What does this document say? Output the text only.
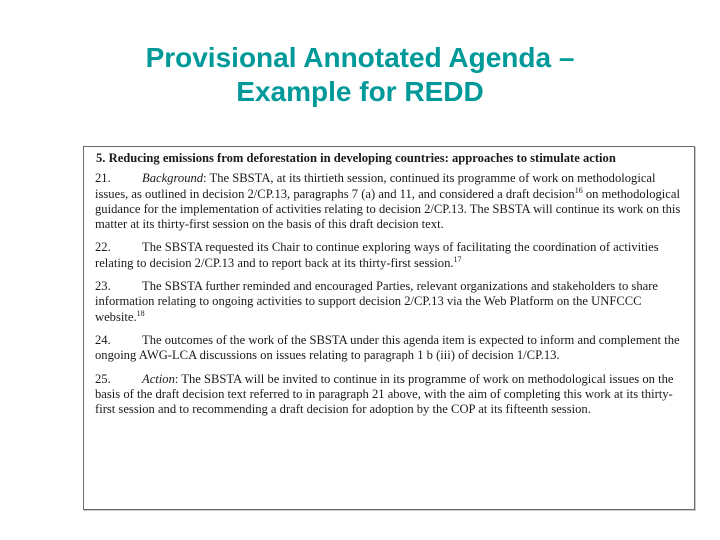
Provisional Annotated Agenda –
Example for REDD
5. Reducing emissions from deforestation in developing countries: approaches to stimulate action

21. Background: The SBSTA, at its thirtieth session, continued its programme of work on methodological issues, as outlined in decision 2/CP.13, paragraphs 7 (a) and 11, and considered a draft decision$^{16}$ on methodological guidance for the implementation of activities relating to decision 2/CP.13. The SBSTA will continue its work on this matter at its thirty-first session on the basis of this draft decision text.

22. The SBSTA requested its Chair to continue exploring ways of facilitating the coordination of activities relating to decision 2/CP.13 and to report back at its thirty-first session.$^{17}$

23. The SBSTA further reminded and encouraged Parties, relevant organizations and stakeholders to share information relating to ongoing activities to support decision 2/CP.13 via the Web Platform on the UNFCCC website.$^{18}$

24. The outcomes of the work of the SBSTA under this agenda item is expected to inform and complement the ongoing AWG-LCA discussions on issues relating to paragraph 1 b (iii) of decision 1/CP.13.

25. Action: The SBSTA will be invited to continue in its programme of work on methodological issues on the basis of the draft decision text referred to in paragraph 21 above, with the aim of completing this work at its thirty-first session and to recommending a draft decision for adoption by the COP at its fifteenth session.
